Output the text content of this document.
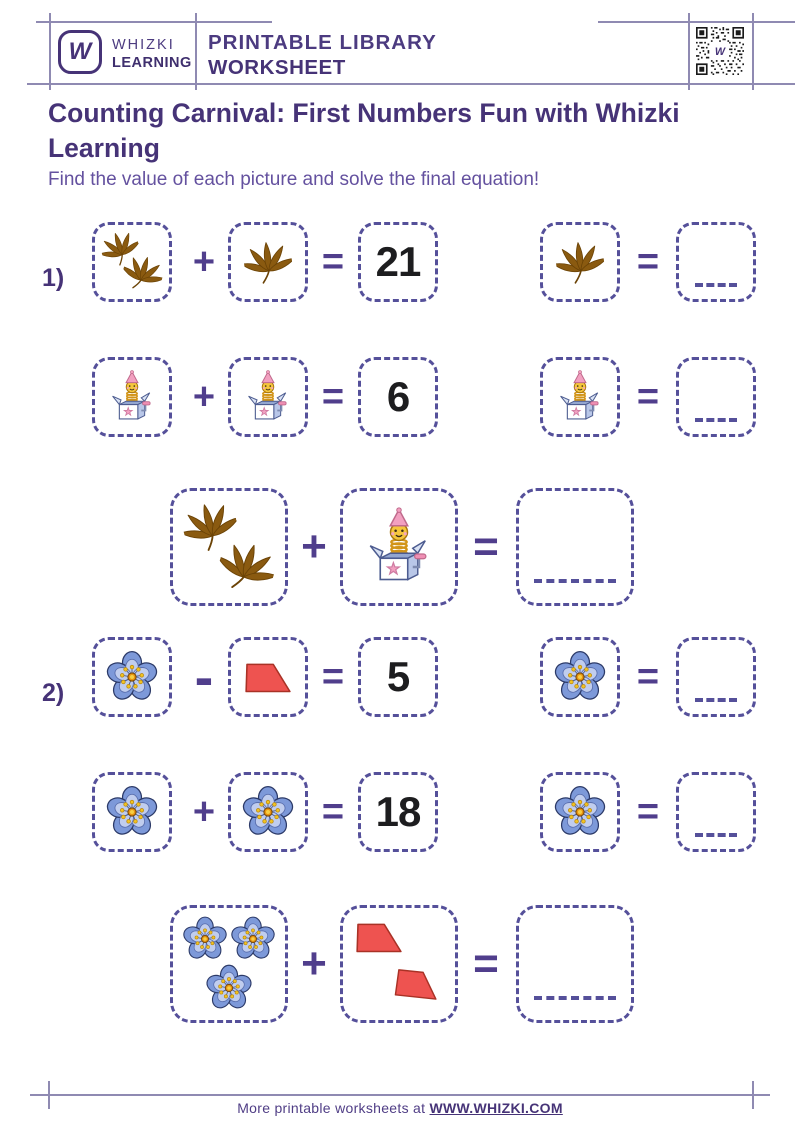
W WHIZKI
LEARNING
PRINTABLE LIBRARY
WORKSHEET
W
Counting Carnival: First Numbers Fun with Whizki Learning
Find the value of each picture and solve the final equation!
1)	+	= 21	=
+	= 6	=
+	=
2) -	= 5	=
+	= 18	=
+	=
More printable worksheets at WWW.WHIZKI.COM
